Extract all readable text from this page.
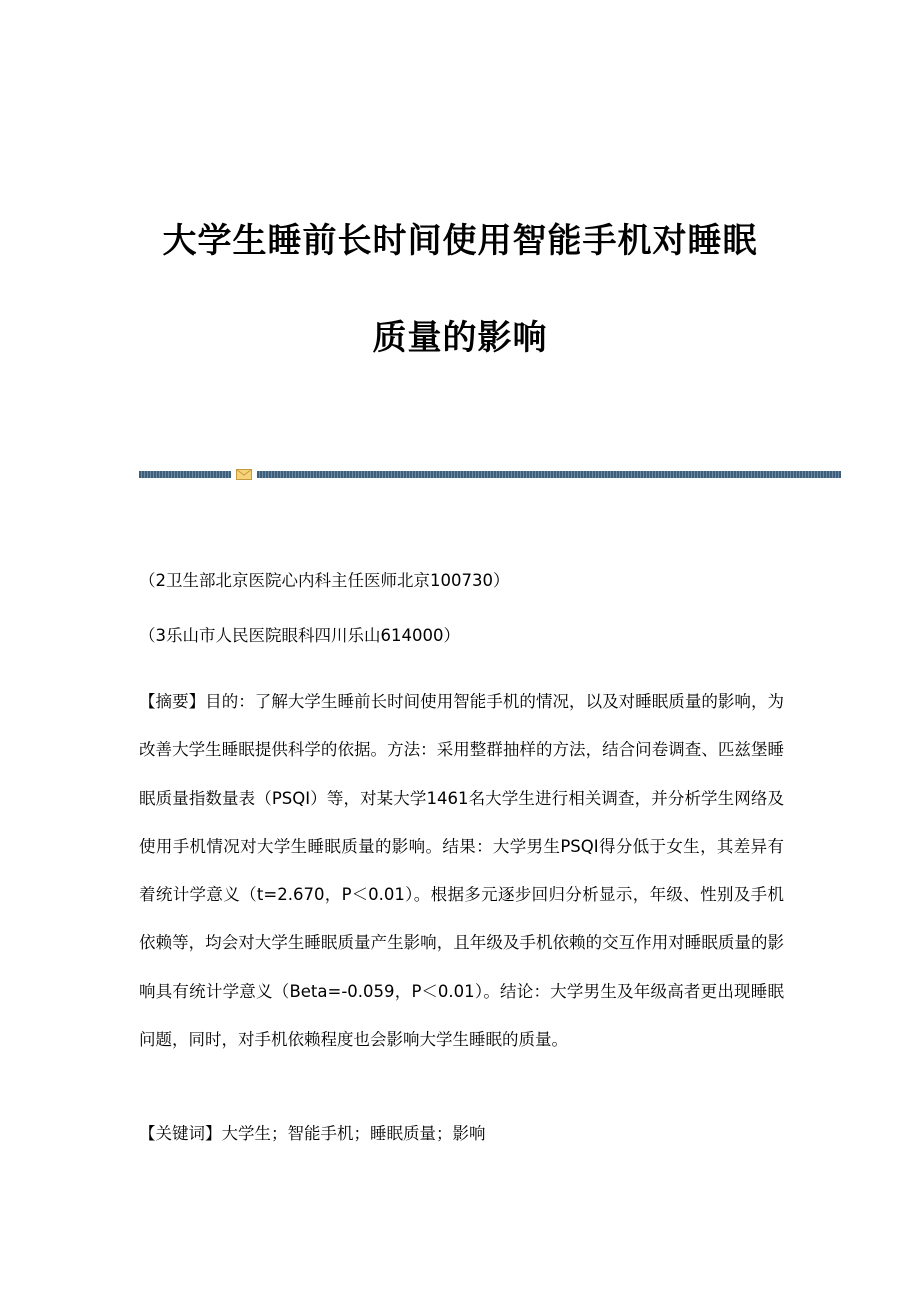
大学生睡前长时间使用智能手机对睡眠
质量的影响

（2卫生部北京医院心内科主任医师北京100730）

（3乐山市人民医院眼科四川乐山614000）

【摘要】目的：了解大学生睡前长时间使用智能手机的情况，以及对睡眠质量的影响，为改善大学生睡眠提供科学的依据。方法：采用整群抽样的方法，结合问卷调查、匹兹堡睡眠质量指数量表（PSQI）等，对某大学1461名大学生进行相关调查，并分析学生网络及使用手机情况对大学生睡眠质量的影响。结果：大学男生PSQI得分低于女生，其差异有着统计学意义（t=2.670，P＜0.01）。根据多元逐步回归分析显示，年级、性别及手机依赖等，均会对大学生睡眠质量产生影响，且年级及手机依赖的交互作用对睡眠质量的影响具有统计学意义（Beta=-0.059，P＜0.01）。结论：大学男生及年级高者更出现睡眠问题，同时，对手机依赖程度也会影响大学生睡眠的质量。

【关键词】大学生；智能手机；睡眠质量；影响
